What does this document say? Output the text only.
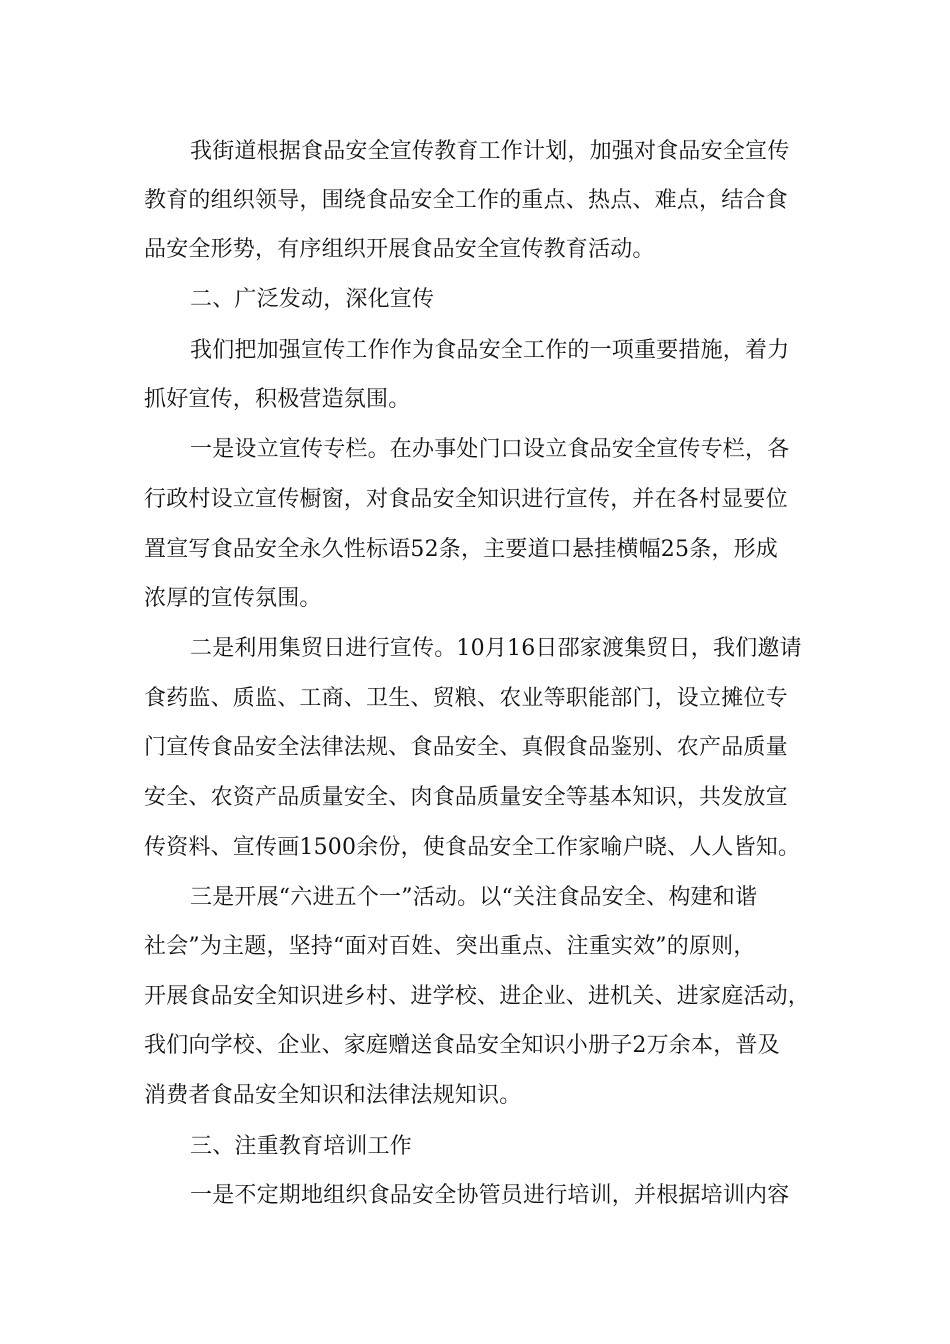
我街道根据食品安全宣传教育工作计划，加强对食品安全宣传
教育的组织领导，围绕食品安全工作的重点、热点、难点，结合食
品安全形势，有序组织开展食品安全宣传教育活动。
二、广泛发动，深化宣传
我们把加强宣传工作作为食品安全工作的一项重要措施，着力
抓好宣传，积极营造氛围。
一是设立宣传专栏。在办事处门口设立食品安全宣传专栏，各
行政村设立宣传橱窗，对食品安全知识进行宣传，并在各村显要位
置宣写食品安全永久性标语52条，主要道口悬挂横幅25条，形成
浓厚的宣传氛围。
二是利用集贸日进行宣传。10月16日邵家渡集贸日，我们邀请
食药监、质监、工商、卫生、贸粮、农业等职能部门，设立摊位专
门宣传食品安全法律法规、食品安全、真假食品鉴别、农产品质量
安全、农资产品质量安全、肉食品质量安全等基本知识，共发放宣
传资料、宣传画1500余份，使食品安全工作家喻户晓、人人皆知。
三是开展“六进五个一”活动。以“关注食品安全、构建和谐
社会”为主题，坚持“面对百姓、突出重点、注重实效”的原则，
开展食品安全知识进乡村、进学校、进企业、进机关、进家庭活动，
我们向学校、企业、家庭赠送食品安全知识小册子2万余本，普及
消费者食品安全知识和法律法规知识。
三、注重教育培训工作
一是不定期地组织食品安全协管员进行培训，并根据培训内容
